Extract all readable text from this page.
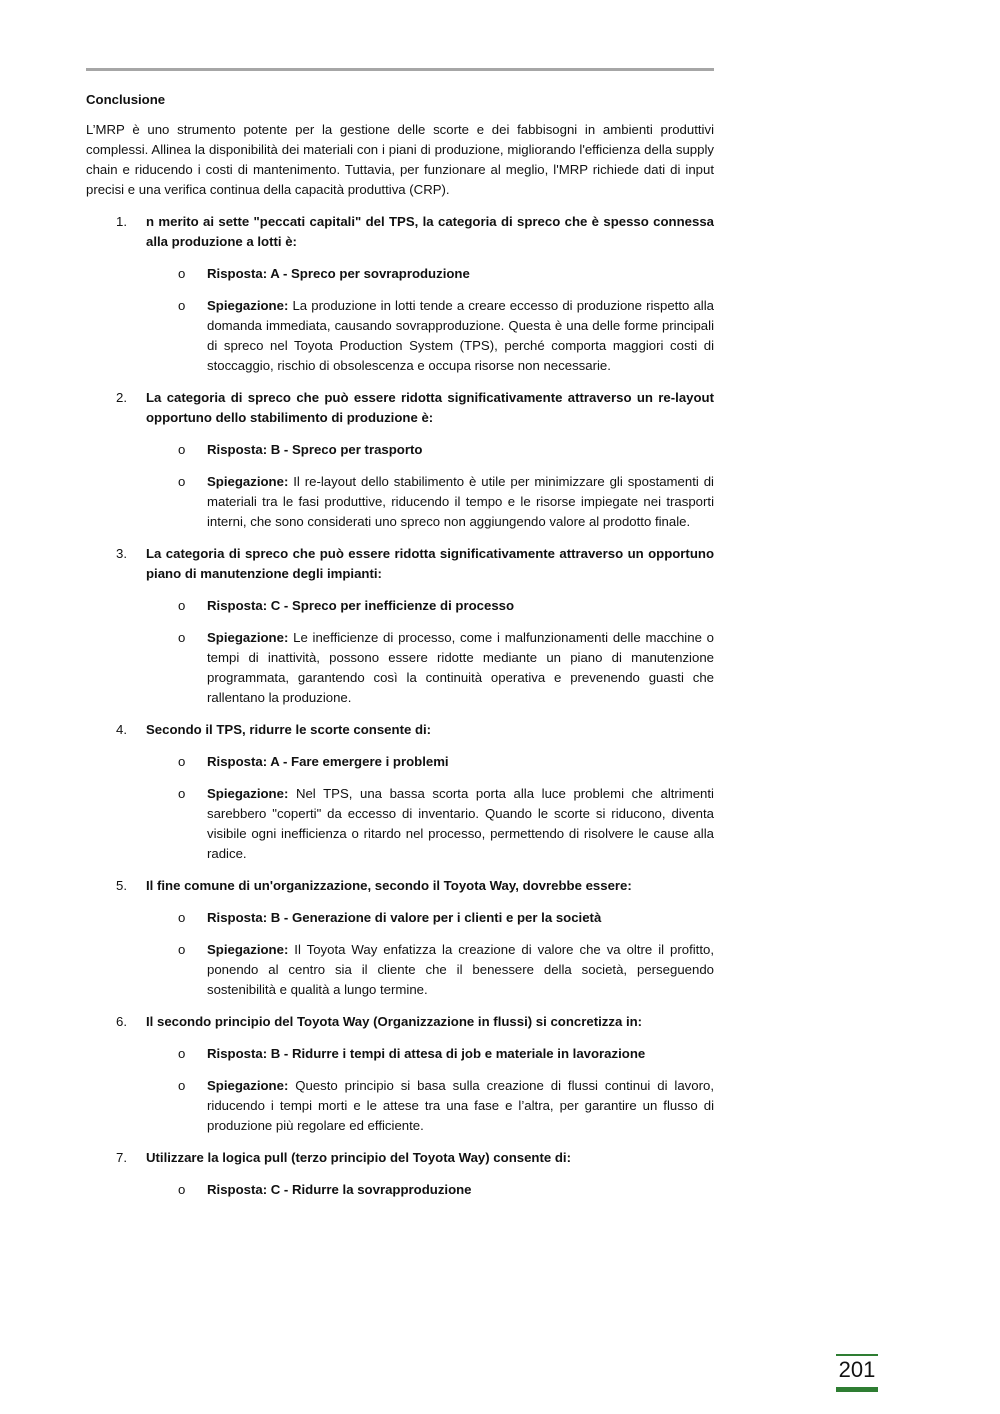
Conclusione
L’MRP è uno strumento potente per la gestione delle scorte e dei fabbisogni in ambienti produttivi complessi. Allinea la disponibilità dei materiali con i piani di produzione, migliorando l'efficienza della supply chain e riducendo i costi di mantenimento. Tuttavia, per funzionare al meglio, l'MRP richiede dati di input precisi e una verifica continua della capacità produttiva (CRP).
1. n merito ai sette "peccati capitali" del TPS, la categoria di spreco che è spesso connessa alla produzione a lotti è:
o Risposta: A - Spreco per sovraproduzione
o Spiegazione: La produzione in lotti tende a creare eccesso di produzione rispetto alla domanda immediata, causando sovrapproduzione. Questa è una delle forme principali di spreco nel Toyota Production System (TPS), perché comporta maggiori costi di stoccaggio, rischio di obsolescenza e occupa risorse non necessarie.
2. La categoria di spreco che può essere ridotta significativamente attraverso un re-layout opportuno dello stabilimento di produzione è:
o Risposta: B - Spreco per trasporto
o Spiegazione: Il re-layout dello stabilimento è utile per minimizzare gli spostamenti di materiali tra le fasi produttive, riducendo il tempo e le risorse impiegate nei trasporti interni, che sono considerati uno spreco non aggiungendo valore al prodotto finale.
3. La categoria di spreco che può essere ridotta significativamente attraverso un opportuno piano di manutenzione degli impianti:
o Risposta: C - Spreco per inefficienze di processo
o Spiegazione: Le inefficienze di processo, come i malfunzionamenti delle macchine o tempi di inattività, possono essere ridotte mediante un piano di manutenzione programmata, garantendo così la continuità operativa e prevenendo guasti che rallentano la produzione.
4. Secondo il TPS, ridurre le scorte consente di:
o Risposta: A - Fare emergere i problemi
o Spiegazione: Nel TPS, una bassa scorta porta alla luce problemi che altrimenti sarebbero "coperti" da eccesso di inventario. Quando le scorte si riducono, diventa visibile ogni inefficienza o ritardo nel processo, permettendo di risolvere le cause alla radice.
5. Il fine comune di un'organizzazione, secondo il Toyota Way, dovrebbe essere:
o Risposta: B - Generazione di valore per i clienti e per la società
o Spiegazione: Il Toyota Way enfatizza la creazione di valore che va oltre il profitto, ponendo al centro sia il cliente che il benessere della società, perseguendo sostenibilità e qualità a lungo termine.
6. Il secondo principio del Toyota Way (Organizzazione in flussi) si concretizza in:
o Risposta: B - Ridurre i tempi di attesa di job e materiale in lavorazione
o Spiegazione: Questo principio si basa sulla creazione di flussi continui di lavoro, riducendo i tempi morti e le attese tra una fase e l’altra, per garantire un flusso di produzione più regolare ed efficiente.
7. Utilizzare la logica pull (terzo principio del Toyota Way) consente di:
o Risposta: C - Ridurre la sovrapproduzione
201
